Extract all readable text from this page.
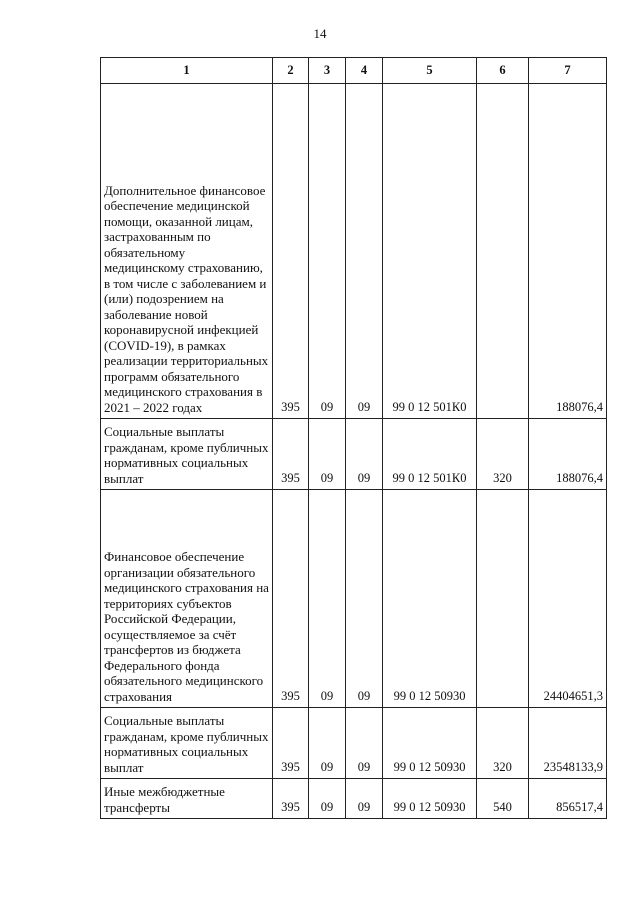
14
1	2	3	4	5	6	7
Дополнительное финансовое обеспечение медицинской помощи, оказанной лицам, застрахованным по обязательному медицинскому страхованию, в том числе с заболеванием и (или) подозрением на заболевание новой коронавирусной инфекцией (COVID-19), в рамках реализации территориальных программ обязательного медицинского страхования в 2021 – 2022 годах	395	09	09	99 0 12 501К0		188076,4
Социальные выплаты гражданам, кроме публичных нормативных социальных выплат	395	09	09	99 0 12 501К0	320	188076,4
Финансовое обеспечение организации обязательного медицинского страхования на территориях субъектов Российской Федерации, осуществляемое за счёт трансфертов из бюджета Федерального фонда обязательного медицинского страхования	395	09	09	99 0 12 50930		24404651,3
Социальные выплаты гражданам, кроме публичных нормативных социальных выплат	395	09	09	99 0 12 50930	320	23548133,9
Иные межбюджетные трансферты	395	09	09	99 0 12 50930	540	856517,4
